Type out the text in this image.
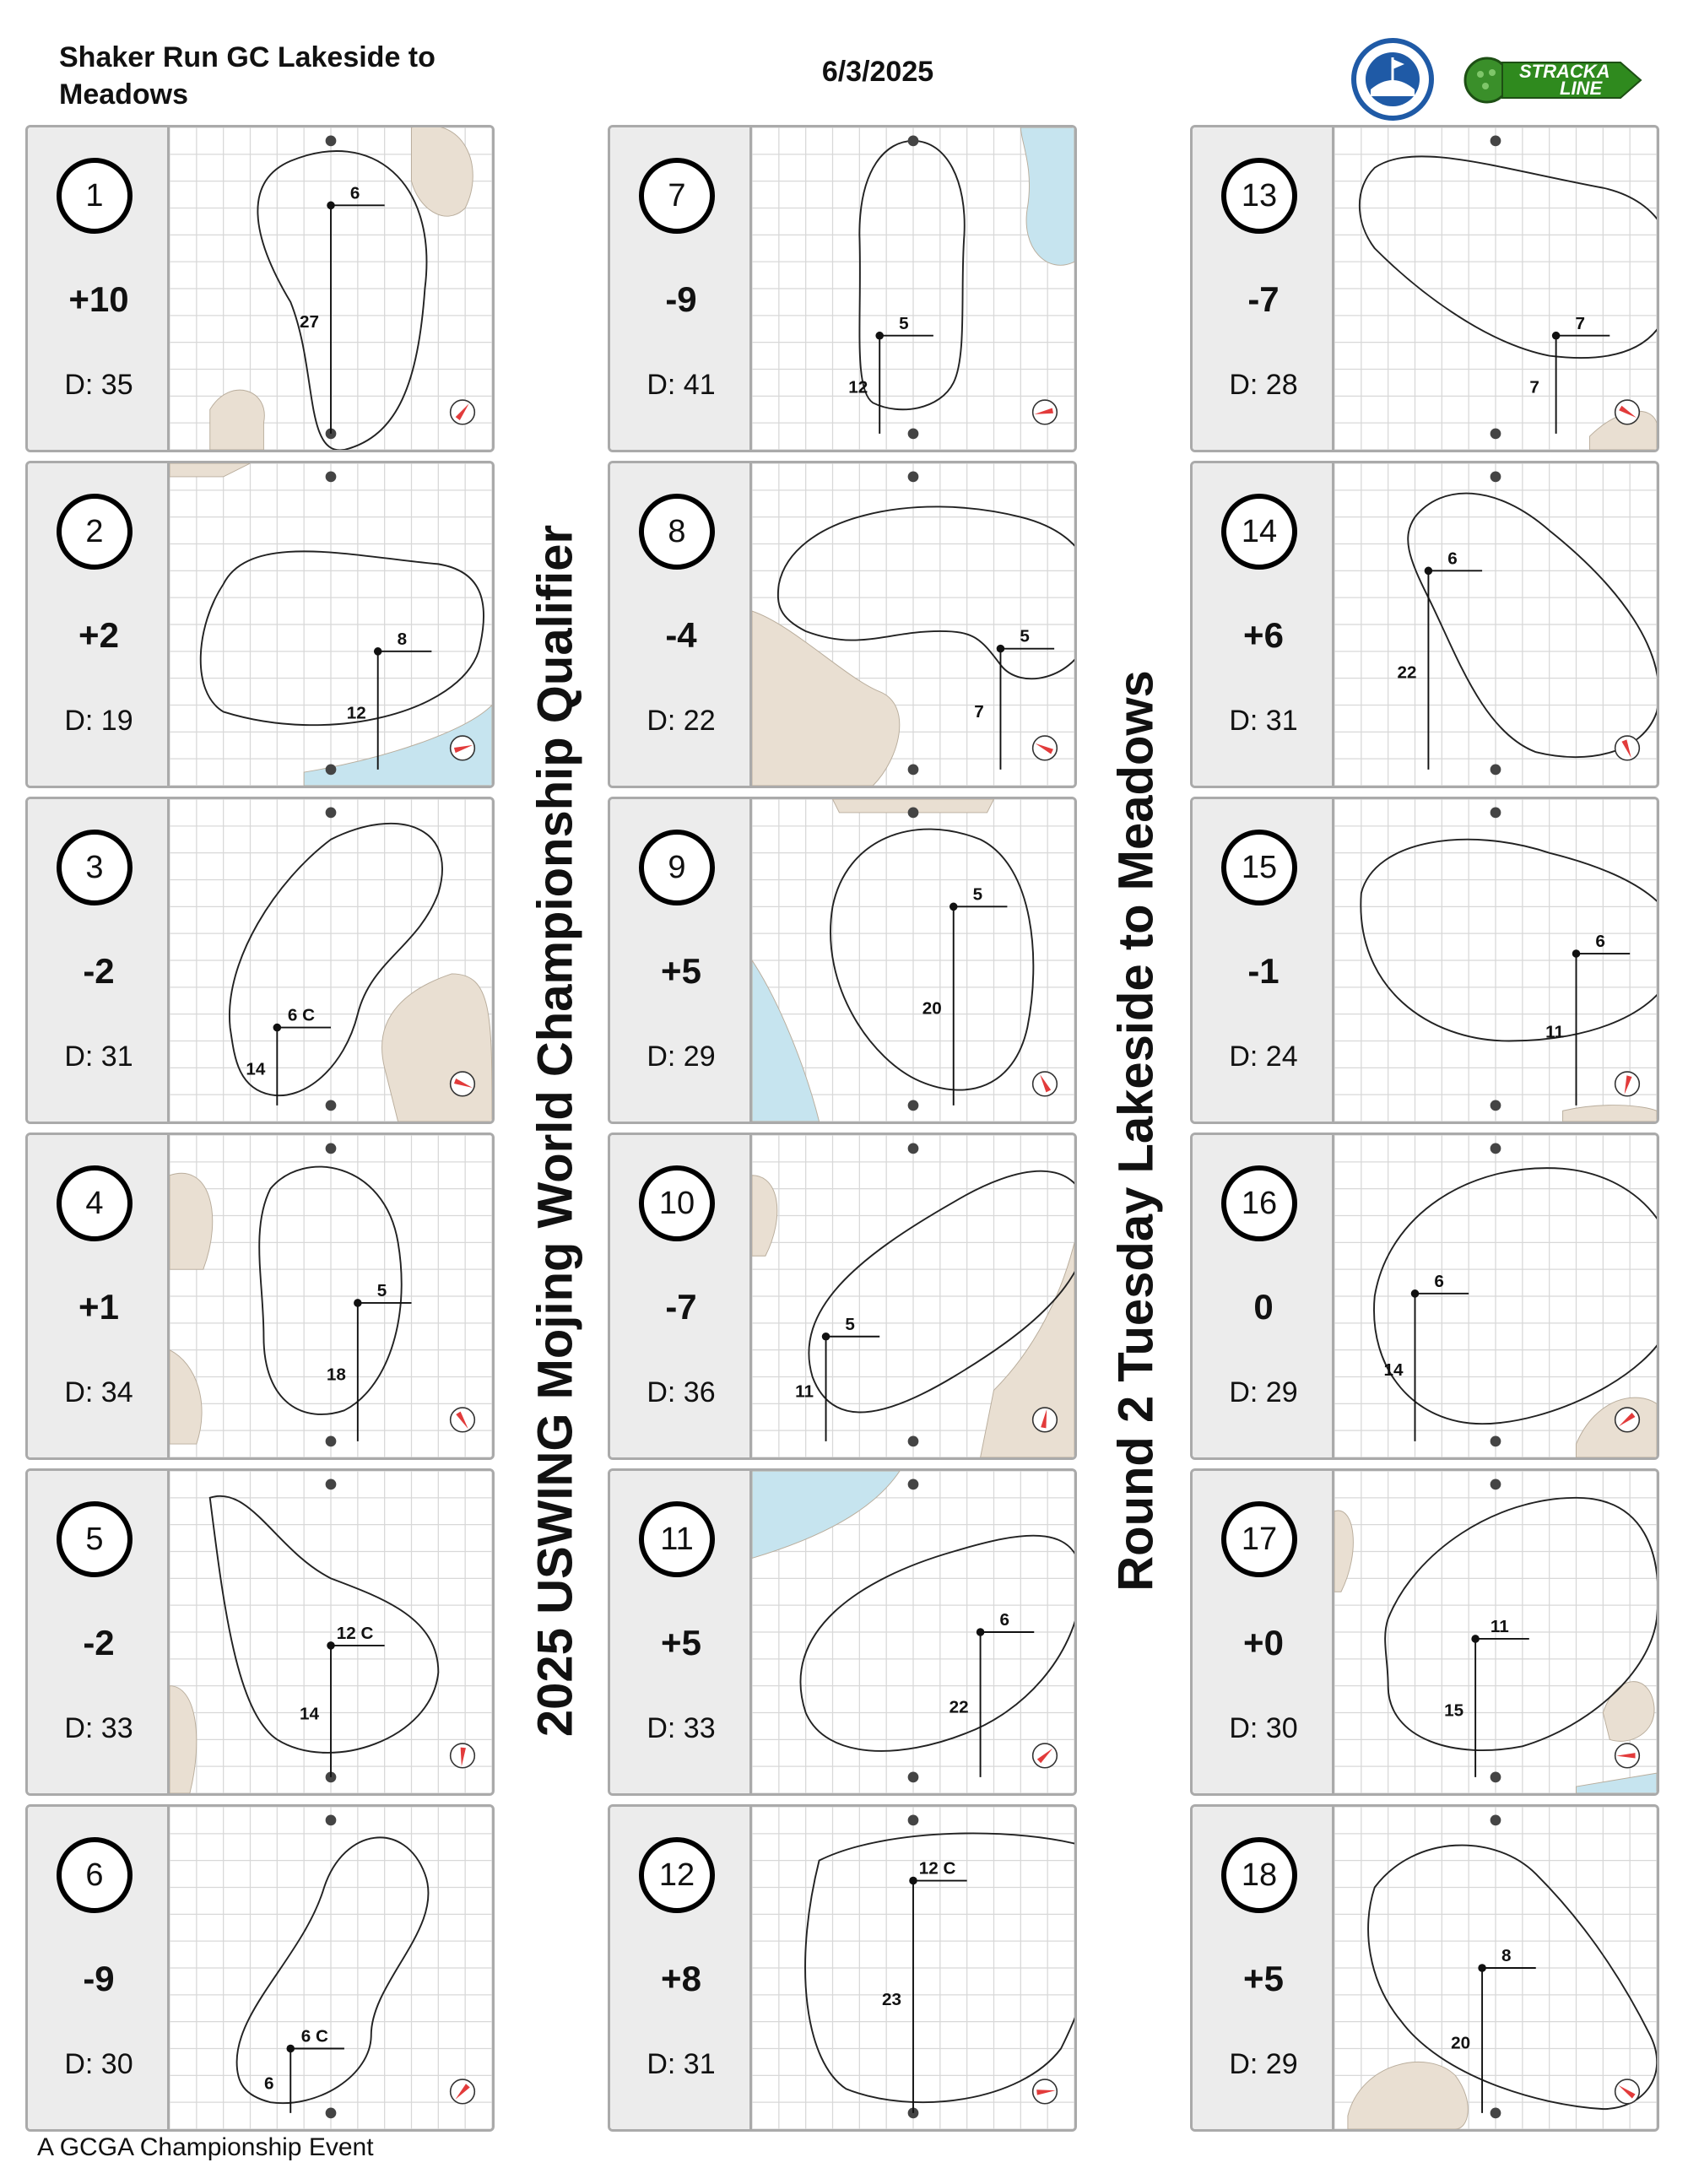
Shaker Run GC Lakeside to Meadows
6/3/2025	STRACKA
LINE
2025 USWING Mojing World Championship Qualifier	Round 2 Tuesday Lakeside to Meadows
1
+10
D: 35
6
27
2
+2
D: 19
8
12
3
-2
D: 31
6 C
14
4
+1
D: 34
5
18
5
-2
D: 33
12 C
14
6
-9
D: 30
6 C
6
7
-9
D: 41
5
12
8
-4
D: 22
5
7
9
+5
D: 29
5
20
10
-7
D: 36
5
11
11
+5
D: 33
6
22
12
+8
D: 31
12 C
23
13
-7
D: 28
7
7
14
+6
D: 31
6
22
15
-1
D: 24
6
11
16
0
D: 29
6
14
17
+0
D: 30
11
15
18
+5
D: 29
8
20
A GCGA Championship Event
